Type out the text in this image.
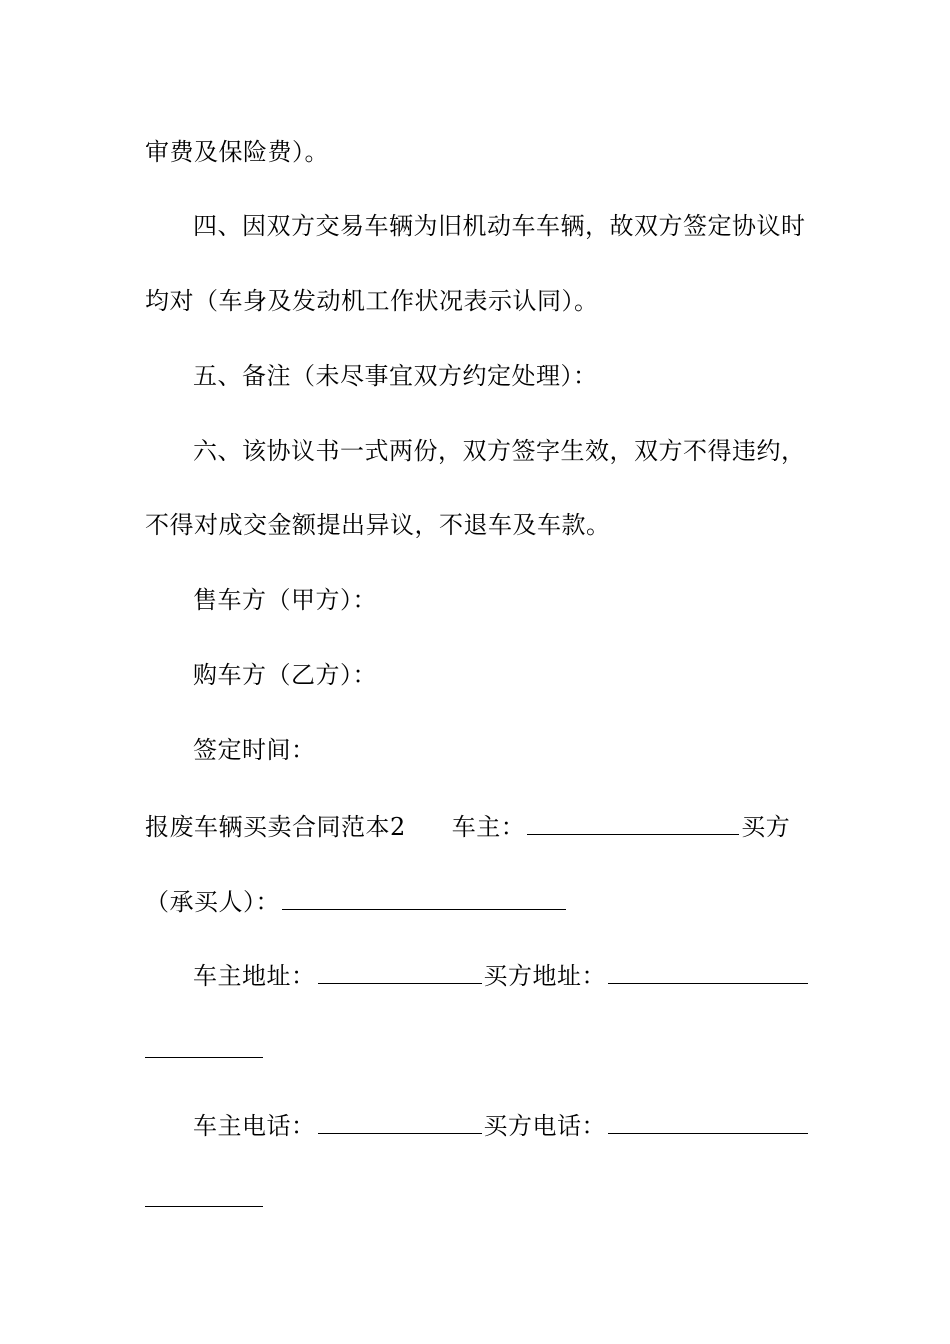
审费及保险费）。
四、因双方交易车辆为旧机动车车辆，故双方签定协议时
均对（车身及发动机工作状况表示认同）。
五、备注（未尽事宜双方约定处理）：
六、该协议书一式两份，双方签字生效，双方不得违约，
不得对成交金额提出异议，不退车及车款。
售车方（甲方）：
购车方（乙方）：
签定时间：
报废车辆买卖合同范本2 车主：	买方
（承买人）：
车主地址：	买方地址：
车主电话：	买方电话：
